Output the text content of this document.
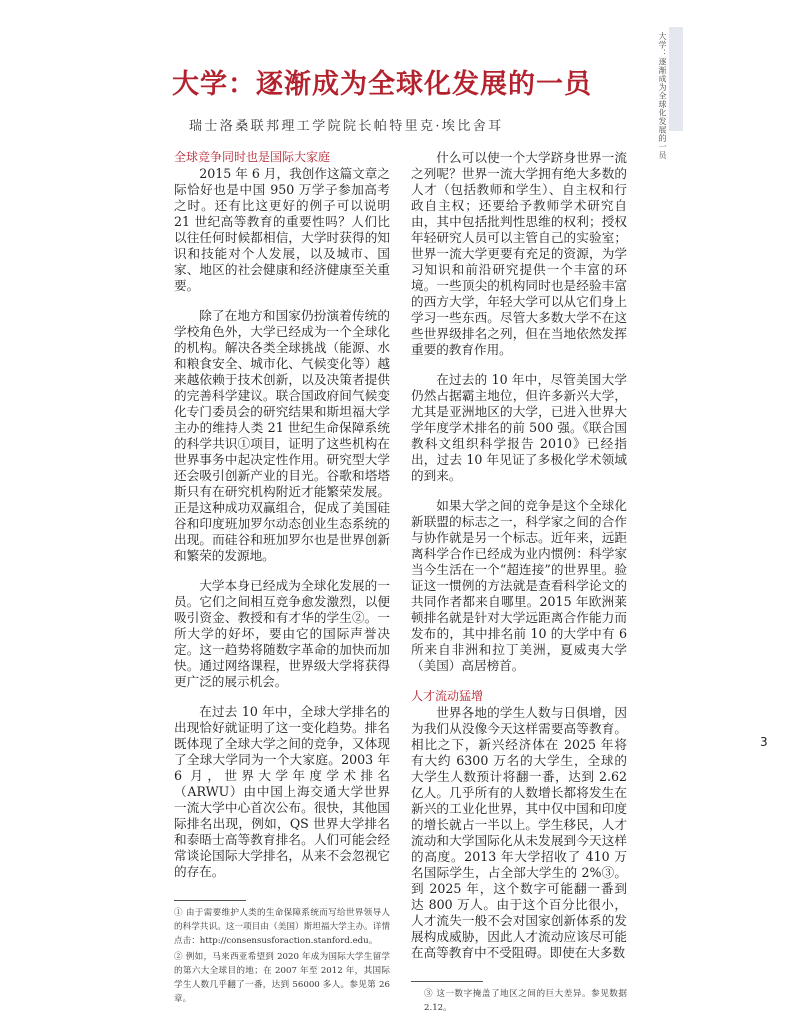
大学：逐渐成为全球化发展的一员
大学：逐渐成为全球化发展的一员
瑞士洛桑联邦理工学院院长帕特里克·埃比舍耳
全球竞争同时也是国际大家庭

2015 年 6 月，我创作这篇文章之际恰好也是中国 950 万学子参加高考之时。还有比这更好的例子可以说明 21 世纪高等教育的重要性吗？人们比以往任何时候都相信，大学时获得的知识和技能对个人发展，以及城市、国家、地区的社会健康和经济健康至关重要。

除了在地方和国家仍扮演着传统的学校角色外，大学已经成为一个全球化的机构。解决各类全球挑战（能源、水和粮食安全、城市化、气候变化等）越来越依赖于技术创新，以及决策者提供的完善科学建议。联合国政府间气候变化专门委员会的研究结果和斯坦福大学主办的维持人类 21 世纪生命保障系统的科学共识①项目，证明了这些机构在世界事务中起决定性作用。研究型大学还会吸引创新产业的目光。谷歌和塔塔斯只有在研究机构附近才能繁荣发展。正是这种成功双赢组合，促成了美国硅谷和印度班加罗尔动态创业生态系统的出现。而硅谷和班加罗尔也是世界创新和繁荣的发源地。

大学本身已经成为全球化发展的一员。它们之间相互竞争愈发激烈，以便吸引资金、教授和有才华的学生②。一所大学的好坏，要由它的国际声誉决定。这一趋势将随数字革命的加快而加快。通过网络课程，世界级大学将获得更广泛的展示机会。

在过去 10 年中，全球大学排名的出现恰好就证明了这一变化趋势。排名既体现了全球大学之间的竞争，又体现了全球大学同为一个大家庭。2003 年 6 月，世界大学年度学术排名（ARWU）由中国上海交通大学世界一流大学中心首次公布。很快，其他国际排名出现，例如，QS 世界大学排名和泰晤士高等教育排名。人们可能会经常谈论国际大学排名，从来不会忽视它的存在。

① 由于需要维护人类的生命保障系统而写给世界领导人的科学共识。这一项目由（美国）斯坦福大学主办。详情点击：http://consensusforaction.stanford.edu。
② 例如，马来西亚希望到 2020 年成为国际大学生留学的第六大全球目的地；在 2007 年至 2012 年，其国际学生人数几乎翻了一番，达到 56000 多人。参见第 26 章。

什么可以使一个大学跻身世界一流之列呢？世界一流大学拥有绝大多数的人才（包括教师和学生）、自主权和行政自主权；还要给予教师学术研究自由，其中包括批判性思维的权利；授权年轻研究人员可以主管自己的实验室；世界一流大学更要有充足的资源，为学习知识和前沿研究提供一个丰富的环境。一些顶尖的机构同时也是经验丰富的西方大学，年轻大学可以从它们身上学习一些东西。尽管大多数大学不在这些世界级排名之列，但在当地依然发挥重要的教育作用。

在过去的 10 年中，尽管美国大学仍然占据霸主地位，但许多新兴大学，尤其是亚洲地区的大学，已进入世界大学年度学术排名的前 500 强。《联合国教科文组织科学报告 2010》已经指出，过去 10 年见证了多极化学术领域的到来。

如果大学之间的竞争是这个全球化新联盟的标志之一，科学家之间的合作与协作就是另一个标志。近年来，远距离科学合作已经成为业内惯例：科学家当今生活在一个“超连接”的世界里。验证这一惯例的方法就是查看科学论文的共同作者都来自哪里。2015 年欧洲莱顿排名就是针对大学远距离合作能力而发布的，其中排名前 10 的大学中有 6 所来自非洲和拉丁美洲，夏威夷大学（美国）高居榜首。

人才流动猛增

世界各地的学生人数与日俱增，因为我们从没像今天这样需要高等教育。相比之下，新兴经济体在 2025 年将有大约 6300 万名的大学生，全球的大学生人数预计将翻一番，达到 2.62 亿人。几乎所有的人数增长都将发生在新兴的工业化世界，其中仅中国和印度的增长就占一半以上。学生移民，人才流动和大学国际化从未发展到今天这样的高度。2013 年大学招收了 410 万名国际学生，占全部大学生的 2%③。到 2025 年，这个数字可能翻一番到达 800 万人。由于这个百分比很小，人才流失一般不会对国家创新体系的发展构成威胁，因此人才流动应该尽可能在高等教育中不受阻碍。即使在大多数

③ 这一数字掩盖了地区之间的巨大差异。参见数据 2.12。
3
